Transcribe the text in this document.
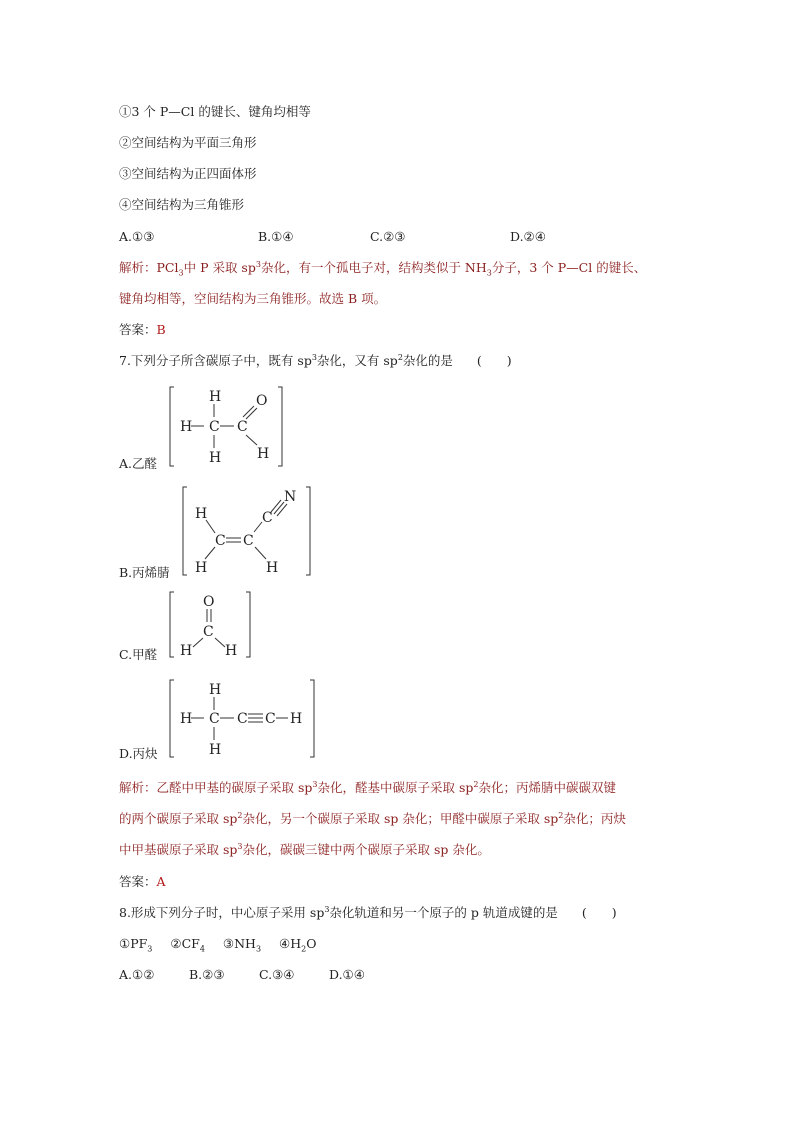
①3 个 P—Cl 的键长、键角均相等
②空间结构为平面三角形
③空间结构为正四面体形
④空间结构为三角锥形
A.①③	B.①④	C.②③	D.②④
解析：PCl$_3$中 P 采取 $sp^3$杂化，有一个孤电子对，结构类似于 $NH_3$分子，3 个 P—Cl 的键长、
键角均相等，空间结构为三角锥形。故选 B 项。
答案：B
7.下列分子所含碳原子中，既有 $sp^3$杂化，又有 $sp^2$杂化的是 (　　)
A.乙醛
H
H C C
H
O
H
B.丙烯腈
H
C C
H	H
C
N
C.甲醛
O
C
H H
D.丙炔
H
H C C C H
H
解析：乙醛中甲基的碳原子采取 $sp^3$杂化，醛基中碳原子采取 $sp^2$杂化；丙烯腈中碳碳双键
的两个碳原子采取 $sp^2$杂化，另一个碳原子采取 sp 杂化；甲醛中碳原子采取 $sp^2$杂化；丙炔
中甲基碳原子采取 $sp^3$杂化，碳碳三键中两个碳原子采取 sp 杂化。
答案：A
8.形成下列分子时，中心原子采用 $sp^3$杂化轨道和另一个原子的 p 轨道成键的是 (　　)
$①PF_3$ $②CF_4$ $③NH_3$ $④H_2O$
A.①②	B.②③	C.③④	D.①④
